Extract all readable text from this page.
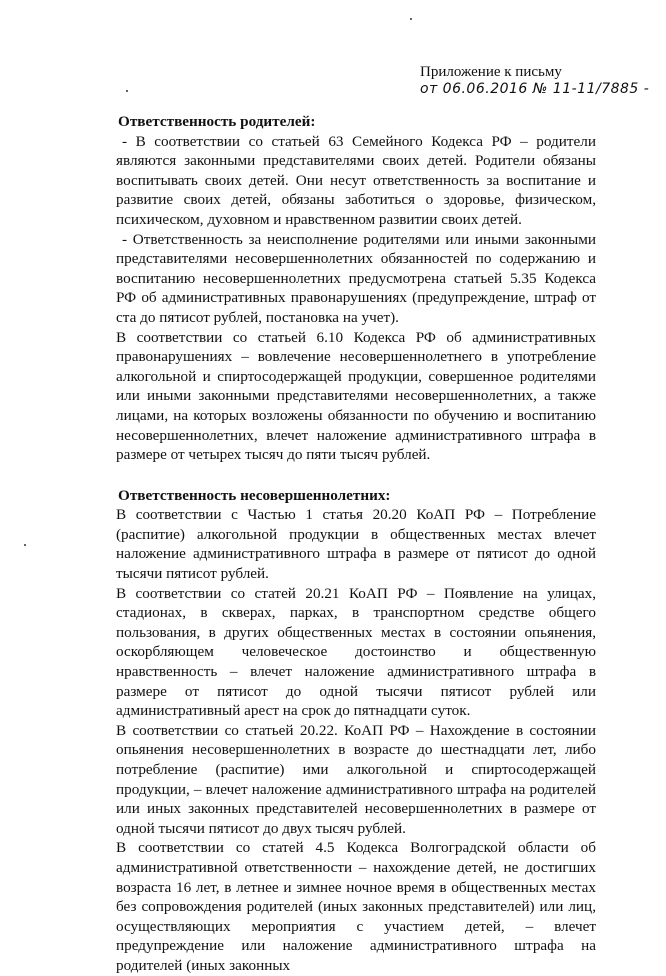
Приложение к письму
от 06.06.2016 № 11-11/7885 -

Ответственность родителей:

- В соответствии со статьей 63 Семейного Кодекса РФ – родители являются законными представителями своих детей. Родители обязаны воспитывать своих детей. Они несут ответственность за воспитание и развитие своих детей, обязаны заботиться о здоровье, физическом, психическом, духовном и нравственном развитии своих детей.

- Ответственность за неисполнение родителями или иными законными представителями несовершеннолетних обязанностей по содержанию и воспитанию несовершеннолетних предусмотрена статьей 5.35 Кодекса РФ об административных правонарушениях (предупреждение, штраф от ста до пятисот рублей, постановка на учет).

В соответствии со статьей 6.10 Кодекса РФ об административных правонарушениях – вовлечение несовершеннолетнего в употребление алкогольной и спиртосодержащей продукции, совершенное родителями или иными законными представителями несовершеннолетних, а также лицами, на которых возложены обязанности по обучению и воспитанию несовершеннолетних, влечет наложение административного штрафа в размере от четырех тысяч до пяти тысяч рублей.

Ответственность несовершеннолетних:

В соответствии с Частью 1 статья 20.20 КоАП РФ – Потребление (распитие) алкогольной продукции в общественных местах влечет наложение административного штрафа в размере от пятисот до одной тысячи пятисот рублей.

В соответствии со статей 20.21 КоАП РФ – Появление на улицах, стадионах, в скверах, парках, в транспортном средстве общего пользования, в других общественных местах в состоянии опьянения, оскорбляющем человеческое достоинство и общественную нравственность – влечет наложение административного штрафа в размере от пятисот до одной тысячи пятисот рублей или административный арест на срок до пятнадцати суток.

В соответствии со статьей 20.22. КоАП РФ – Нахождение в состоянии опьянения несовершеннолетних в возрасте до шестнадцати лет, либо потребление (распитие) ими алкогольной и спиртосодержащей продукции, – влечет наложение административного штрафа на родителей или иных законных представителей несовершеннолетних в размере от одной тысячи пятисот до двух тысяч рублей.

В соответствии со статей 4.5 Кодекса Волгоградской области об административной ответственности – нахождение детей, не достигших возраста 16 лет, в летнее и зимнее ночное время в общественных местах без сопровождения родителей (иных законных представителей) или лиц, осуществляющих мероприятия с участием детей, – влечет предупреждение или наложение административного штрафа на родителей (иных законных
